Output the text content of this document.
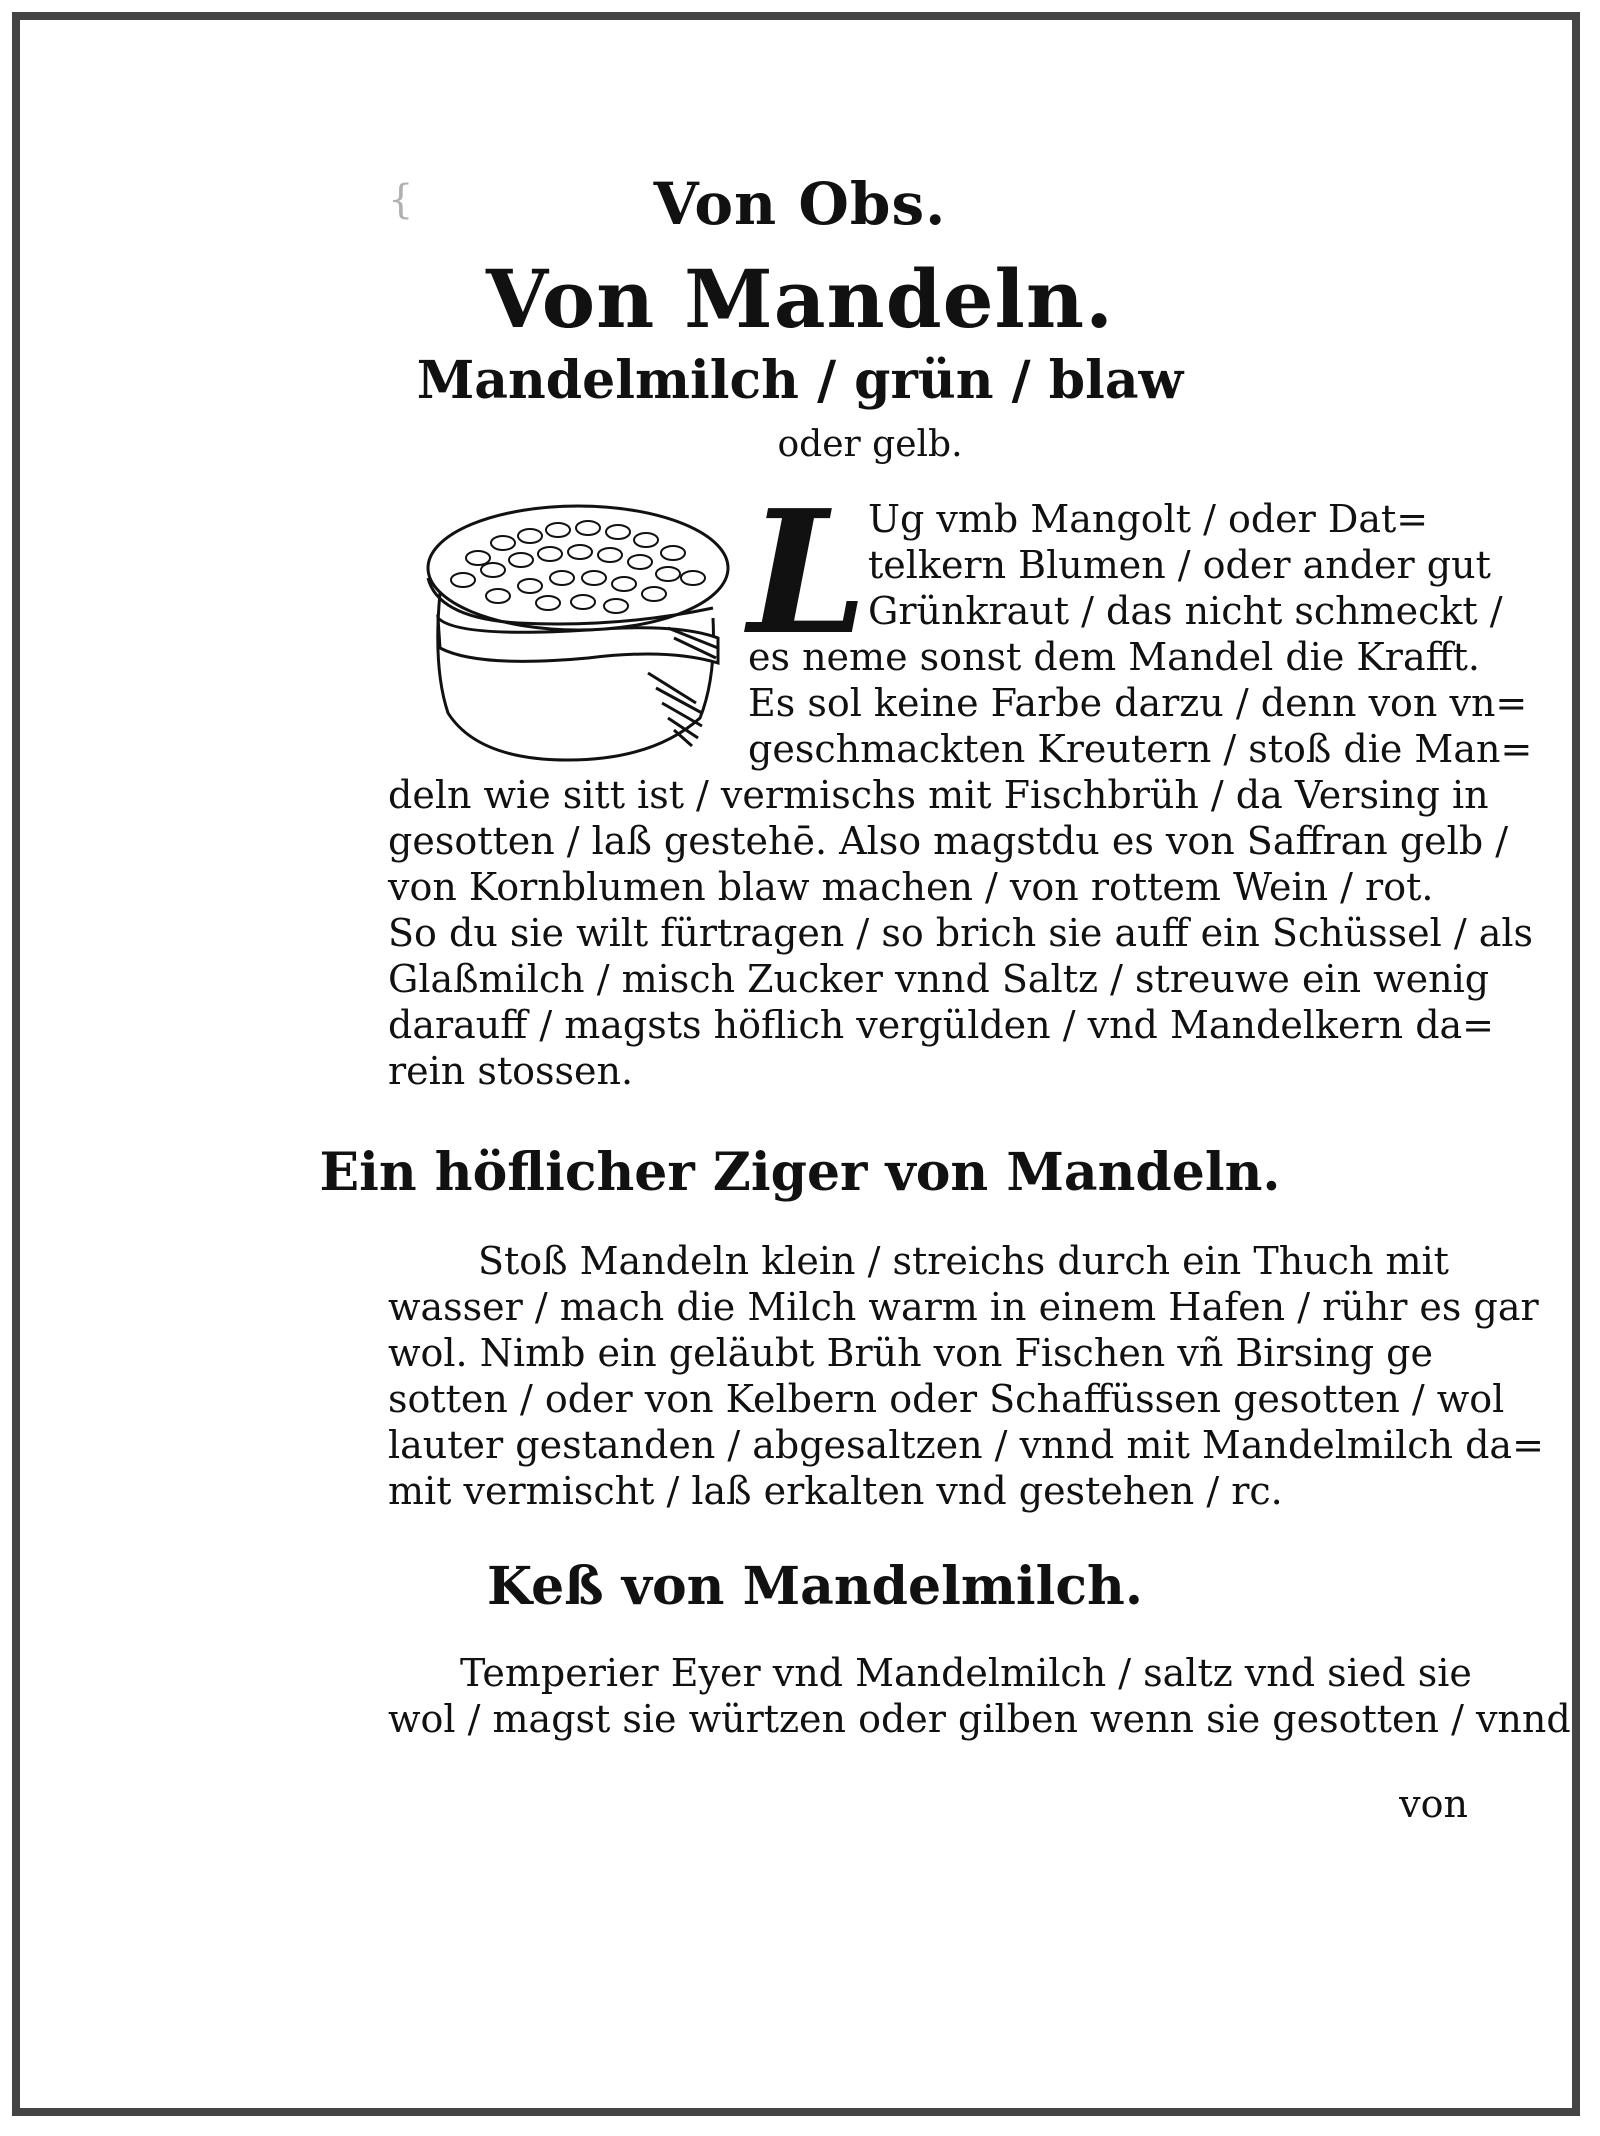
{	Von Obs.
Von Mandeln.
Mandelmilch / grün / blaw
oder gelb.
L Ug vmb Mangolt / oder Dat=
telkern Blumen / oder ander gut
Grünkraut / das nicht schmeckt /
es neme sonst dem Mandel die Krafft.
Es sol keine Farbe darzu / denn von vn=
geschmackten Kreutern / stoß die Man=
deln wie sitt ist / vermischs mit Fischbrüh / da Versing in
gesotten / laß gestehē. Also magstdu es von Saffran gelb /
von Kornblumen blaw machen / von rottem Wein / rot.
So du sie wilt fürtragen / so brich sie auff ein Schüssel / als
Glaßmilch / misch Zucker vnnd Saltz / streuwe ein wenig
darauff / magsts höflich vergülden / vnd Mandelkern da=
rein stossen.
Ein höflicher Ziger von Mandeln.
Stoß Mandeln klein / streichs durch ein Thuch mit
wasser / mach die Milch warm in einem Hafen / rühr es gar
wol. Nimb ein geläubt Brüh von Fischen vñ Birsing ge
sotten / oder von Kelbern oder Schaffüssen gesotten / wol
lauter gestanden / abgesaltzen / vnnd mit Mandelmilch da=
mit vermischt / laß erkalten vnd gestehen / rc.
Keß von Mandelmilch.
Temperier Eyer vnd Mandelmilch / saltz vnd sied sie
wol / magst sie würtzen oder gilben wenn sie gesotten / vnnd
von
